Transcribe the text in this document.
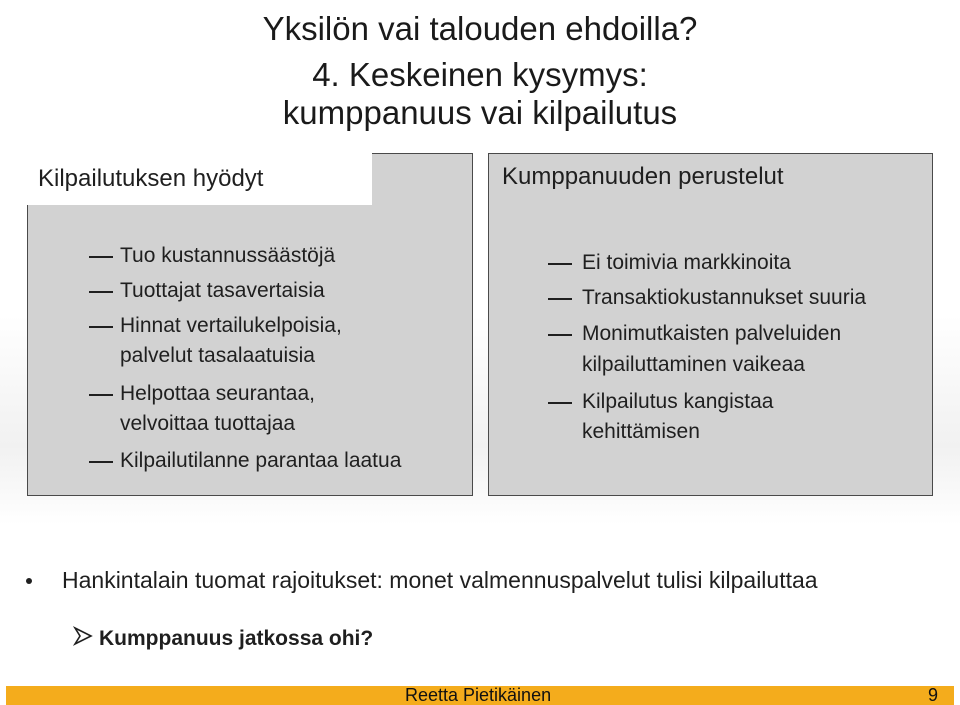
Yksilön vai talouden ehdoilla?
4. Keskeinen kysymys:
kumppanuus vai kilpailutus
Kilpailutuksen hyödyt	Kumppanuuden perustelut
Tuo kustannussäästöjä
Tuottajat tasavertaisia
Hinnat vertailukelpoisia,
palvelut tasalaatuisia
Helpottaa seurantaa,
velvoittaa tuottajaa
Kilpailutilanne parantaa laatua
Ei toimivia markkinoita
Transaktiokustannukset suuria
Monimutkaisten palveluiden
kilpailuttaminen vaikeaa
Kilpailutus kangistaa
kehittämisen
Hankintalain tuomat rajoitukset: monet valmennuspalvelut tulisi kilpailuttaa
Kumppanuus jatkossa ohi?
Reetta Pietikäinen	9
